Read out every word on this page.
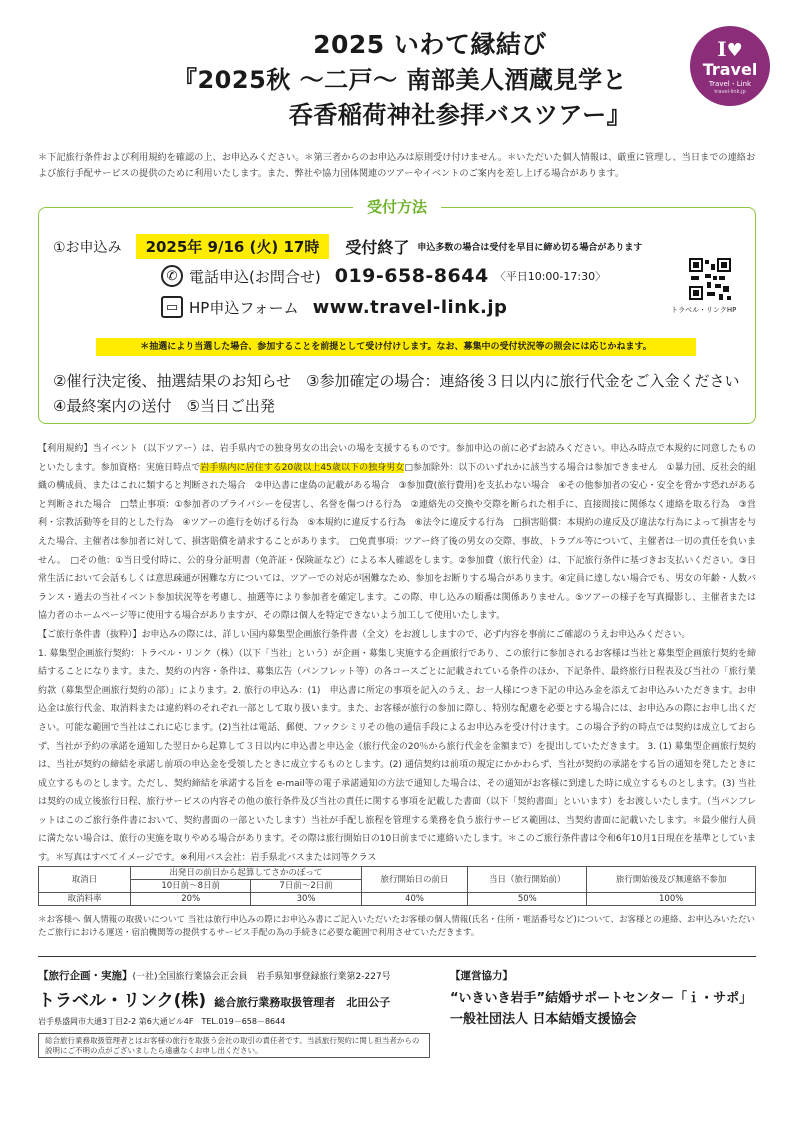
2025 いわて縁結び
『2025秋 ～二戸～ 南部美人酒蔵見学と
呑香稲荷神社参拝バスツアー』
I♥
Travel
Travel・Link
travel-link.jp
＊下記旅行条件および利用規約を確認の上、お申込みください。＊第三者からのお申込みは原則受け付けません。＊いただいた個人情報は、厳重に管理し、当日までの連絡および旅行手配サービスの提供のために利用いたします。また、弊社や協力団体関連のツアーやイベントのご案内を差し上げる場合があります。
受付方法
①お申込み	2025年 9/16 (火) 17時	受付終了 申込多数の場合は受付を早目に締め切る場合があります
✆ 電話申込(お問合せ) 019-658-8644 〈平日10:00-17:30〉
▭ HP申込フォーム www.travel-link.jp	トラベル・リンクHP
＊抽選により当選した場合、参加することを前提として受け付けします。なお、募集中の受付状況等の照会には応じかねます。
②催行決定後、抽選結果のお知らせ　③参加確定の場合：連絡後３日以内に旅行代金をご入金ください
④最終案内の送付　⑤当日ご出発
【利用規約】当イベント（以下ツアー）は、岩手県内での独身男女の出会いの場を支援するものです。参加申込の前に必ずお読みください。申込み時点で本規約に同意したものといたします。参加資格：実施日時点で岩手県内に居住する20歳以上45歳以下の独身男女□参加除外：以下のいずれかに該当する場合は参加できません　①暴力団、反社会的組織の構成員、またはこれに類すると判断された場合　②申込書に虚偽の記載がある場合　③参加費(旅行費用)を支払わない場合　④その他参加者の安心・安全を脅かす恐れがあると判断された場合　□禁止事項：①参加者のプライバシーを侵害し、名誉を傷つける行為　②連絡先の交換や交際を断られた相手に、直接間接に関係なく連絡を取る行為　③営利・宗教活動等を目的とした行為　④ツアーの進行を妨げる行為　⑤本規約に違反する行為　⑥法令に違反する行為　□損害賠償：本規約の違反及び違法な行為によって損害を与えた場合、主催者は参加者に対して、損害賠償を請求することがあります。　□免責事項：ツアー終了後の男女の交際、事故、トラブル等について、主催者は一切の責任を負いません。　□その他：①当日受付時に、公的身分証明書（免許証・保険証など）による本人確認をします。②参加費（旅行代金）は、下記旅行条件に基づきお支払いください。③日常生活において会話もしくは意思疎通が困難な方については、ツアーでの対応が困難なため、参加をお断りする場合があります。④定員に達しない場合でも、男女の年齢・人数バランス・過去の当社イベント参加状況等を考慮し、抽選等により参加者を確定します。この際、申し込みの順番は関係ありません。⑤ツアーの様子を写真撮影し、主催者または協力者のホームページ等に使用する場合がありますが、その際は個人を特定できないよう加工して使用いたします。
【ご旅行条件書（抜粋）】お申込みの際には、詳しい国内募集型企画旅行条件書（全文）をお渡ししますので、必ず内容を事前にご確認のうえお申込みください。
1. 募集型企画旅行契約：トラベル・リンク（株）（以下「当社」という）が企画・募集し実施する企画旅行であり、この旅行に参加されるお客様は当社と募集型企画旅行契約を締結することになります。また、契約の内容・条件は、募集広告（パンフレット等）の各コースごとに記載されている条件のほか、下記条件、最終旅行日程表及び当社の「旅行業約款（募集型企画旅行契約の部）」によります。2. 旅行の申込み：(1)　申込書に所定の事項を記入のうえ、お一人様につき下記の申込み金を添えてお申込みいただきます。お申込金は旅行代金、取消料または違約料のそれぞれ一部として取り扱います。また、お客様が旅行の参加に際し、特別な配慮を必要とする場合には、お申込みの際にお申し出ください。可能な範囲で当社はこれに応じます。(2)当社は電話、郵便、ファクシミリその他の通信手段によるお申込みを受け付けます。この場合予約の時点では契約は成立しておらず、当社が予約の承諾を通知した翌日から起算して３日以内に申込書と申込金（旅行代金の20％から旅行代金を金額まで）を提出していただきます。 3. (1) 募集型企画旅行契約は、当社が契約の締結を承諾し前項の申込金を受領したときに成立するものとします。(2) 通信契約は前項の規定にかかわらず、当社が契約の承諾をする旨の通知を発したときに成立するものとします。ただし、契約締結を承諾する旨を e-mail等の電子承諾通知の方法で通知した場合は、その通知がお客様に到達した時に成立するものとします。(3) 当社は契約の成立後旅行日程、旅行サービスの内容その他の旅行条件及び当社の責任に関する事項を記載した書面（以下「契約書面」といいます）をお渡しいたします。（当パンフレットはこのご旅行条件書において、契約書面の一部といたします）当社が手配し旅程を管理する業務を負う旅行サービス範囲は、当契約書面に記載いたします。＊最少催行人員に満たない場合は、旅行の実施を取りやめる場合があります。その際は旅行開始日の10日前までに連絡いたします。＊このご旅行条件書は令和6年10月1日現在を基準としています。＊写真はすべてイメージです。※利用バス会社：岩手県北バスまたは同等クラス
取消日	出発日の前日から起算してさかのぼって		旅行開始日の前日	当日（旅行開始前）	旅行開始後及び無連絡不参加
	10日前～8日前	7日前～2日前			
取消料率	20%	30%	40%	50%	100%
＊お客様へ 個人情報の取扱いについて 当社は旅行申込みの際にお申込み書にご記入いただいたお客様の個人情報(氏名・住所・電話番号など)について、お客様との連絡、お申込みいただいたご旅行における運送・宿泊機関等の提供するサービス手配の為の手続きに必要な範囲で利用させていただきます。
【旅行企画・実施】(一社)全国旅行業協会正会員　岩手県知事登録旅行業第2-227号
トラベル・リンク(株) 総合旅行業務取扱管理者　北田公子
岩手県盛岡市大通3丁目2-2 第6大通ビル4F　TEL.019－658－8644
【運営協力】
“いきいき岩手”結婚サポートセンター「ｉ・サポ」
一般社団法人 日本結婚支援協会
総合旅行業務取扱管理者とはお客様の旅行を取扱う会社の取引の責任者です。当該旅行契約に関し担当者からの説明にご不明の点がございましたら遠慮なくお申し出ください。
